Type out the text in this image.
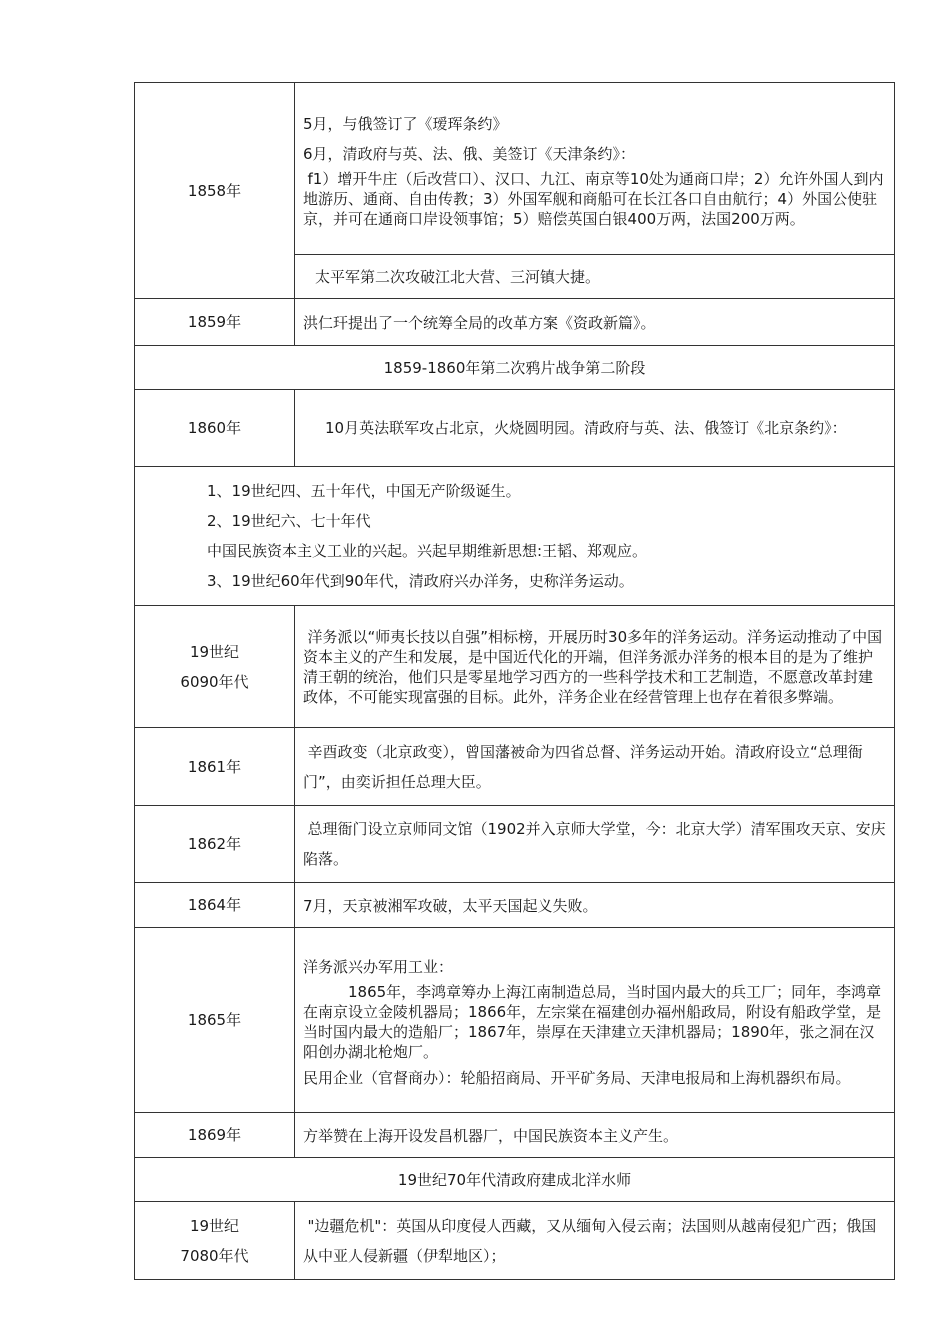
1858年	5月，与俄签订了《瑷珲条约》

6月，清政府与英、法、俄、美签订《天津条约》：

f1）增开牛庄（后改营口）、汉口、九江、南京等10处为通商口岸；2）允许外国人到内地游历、通商、自由传教；3）外国军舰和商船可在长江各口自由航行；4）外国公使驻京，并可在通商口岸设领事馆；5）赔偿英国白银400万两，法国200万两。

	太平军第二次攻破江北大营、三河镇大捷。
1859年	洪仁玕提出了一个统筹全局的改革方案《资政新篇》。
1859-1860年第二次鸦片战争第二阶段	
1860年	10月英法联军攻占北京，火烧圆明园。清政府与英、法、俄签订《北京条约》：

1、19世纪四、五十年代，中国无产阶级诞生。

2、19世纪六、七十年代

中国民族资本主义工业的兴起。兴起早期维新思想:王韬、郑观应。

3、19世纪60年代到90年代，清政府兴办洋务，史称洋务运动。	

19世纪
6090年代	洋务派以“师夷长技以自强”相标榜，开展历时30多年的洋务运动。洋务运动推动了中国资本主义的产生和发展，是中国近代化的开端，但洋务派办洋务的根本目的是为了维护清王朝的统治，他们只是零星地学习西方的一些科学技术和工艺制造，不愿意改革封建政体，不可能实现富强的目标。此外，洋务企业在经营管理上也存在着很多弊端。
1861年	辛酉政变（北京政变），曾国藩被命为四省总督、洋务运动开始。清政府设立“总理衙门”，由奕䜣担任总理大臣。
1862年	总理衙门设立京师同文馆（1902并入京师大学堂，今：北京大学）清军围攻天京、安庆陷落。
1864年	7月，天京被湘军攻破，太平天国起义失败。
1865年	洋务派兴办军用工业：

1865年，李鸿章筹办上海江南制造总局，当时国内最大的兵工厂；同年，李鸿章在南京设立金陵机器局；1866年，左宗棠在福建创办福州船政局，附设有船政学堂，是当时国内最大的造船厂；1867年，崇厚在天津建立天津机器局；1890年，张之洞在汉阳创办湖北枪炮厂。

民用企业（官督商办）：轮船招商局、开平矿务局、天津电报局和上海机器织布局。

1869年	方举赞在上海开设发昌机器厂，中国民族资本主义产生。
19世纪70年代清政府建成北洋水师	

19世纪
7080年代	"边疆危机"：英国从印度侵人西藏，又从缅甸入侵云南；法国则从越南侵犯广西；俄国从中亚人侵新疆（伊犁地区）；
